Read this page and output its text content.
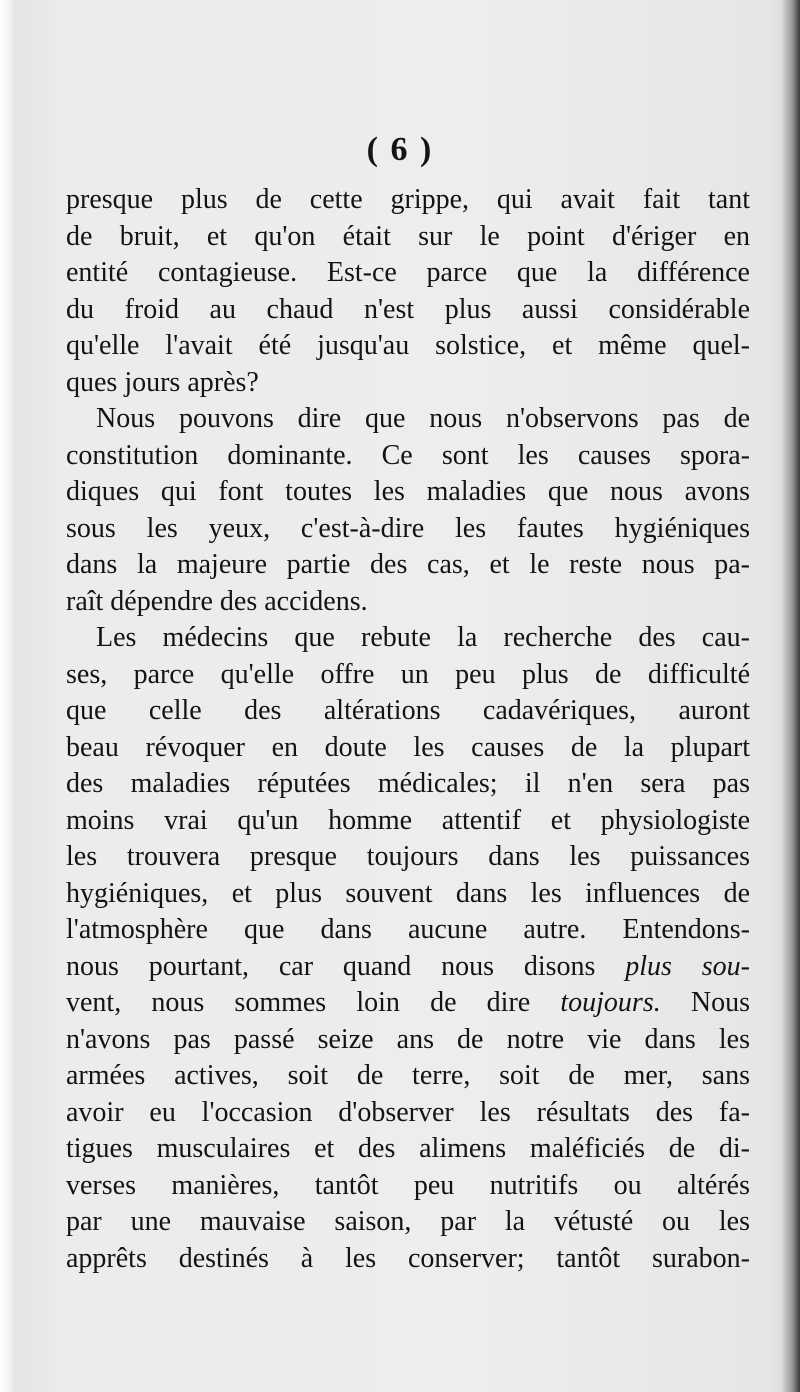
( 6 )
presque plus de cette grippe, qui avait fait tant
de bruit, et qu'on était sur le point d'ériger en
entité contagieuse. Est-ce parce que la différence
du froid au chaud n'est plus aussi considérable
qu'elle l'avait été jusqu'au solstice, et même quel-
ques jours après?
Nous pouvons dire que nous n'observons pas de
constitution dominante. Ce sont les causes spora-
diques qui font toutes les maladies que nous avons
sous les yeux, c'est-à-dire les fautes hygiéniques
dans la majeure partie des cas, et le reste nous pa-
raît dépendre des accidens.
Les médecins que rebute la recherche des cau-
ses, parce qu'elle offre un peu plus de difficulté
que celle des altérations cadavériques, auront
beau révoquer en doute les causes de la plupart
des maladies réputées médicales; il n'en sera pas
moins vrai qu'un homme attentif et physiologiste
les trouvera presque toujours dans les puissances
hygiéniques, et plus souvent dans les influences de
l'atmosphère que dans aucune autre. Entendons-
nous pourtant, car quand nous disons plus sou-
vent, nous sommes loin de dire toujours. Nous
n'avons pas passé seize ans de notre vie dans les
armées actives, soit de terre, soit de mer, sans
avoir eu l'occasion d'observer les résultats des fa-
tigues musculaires et des alimens maléficiés de di-
verses manières, tantôt peu nutritifs ou altérés
par une mauvaise saison, par la vétusté ou les
apprêts destinés à les conserver; tantôt surabon-
